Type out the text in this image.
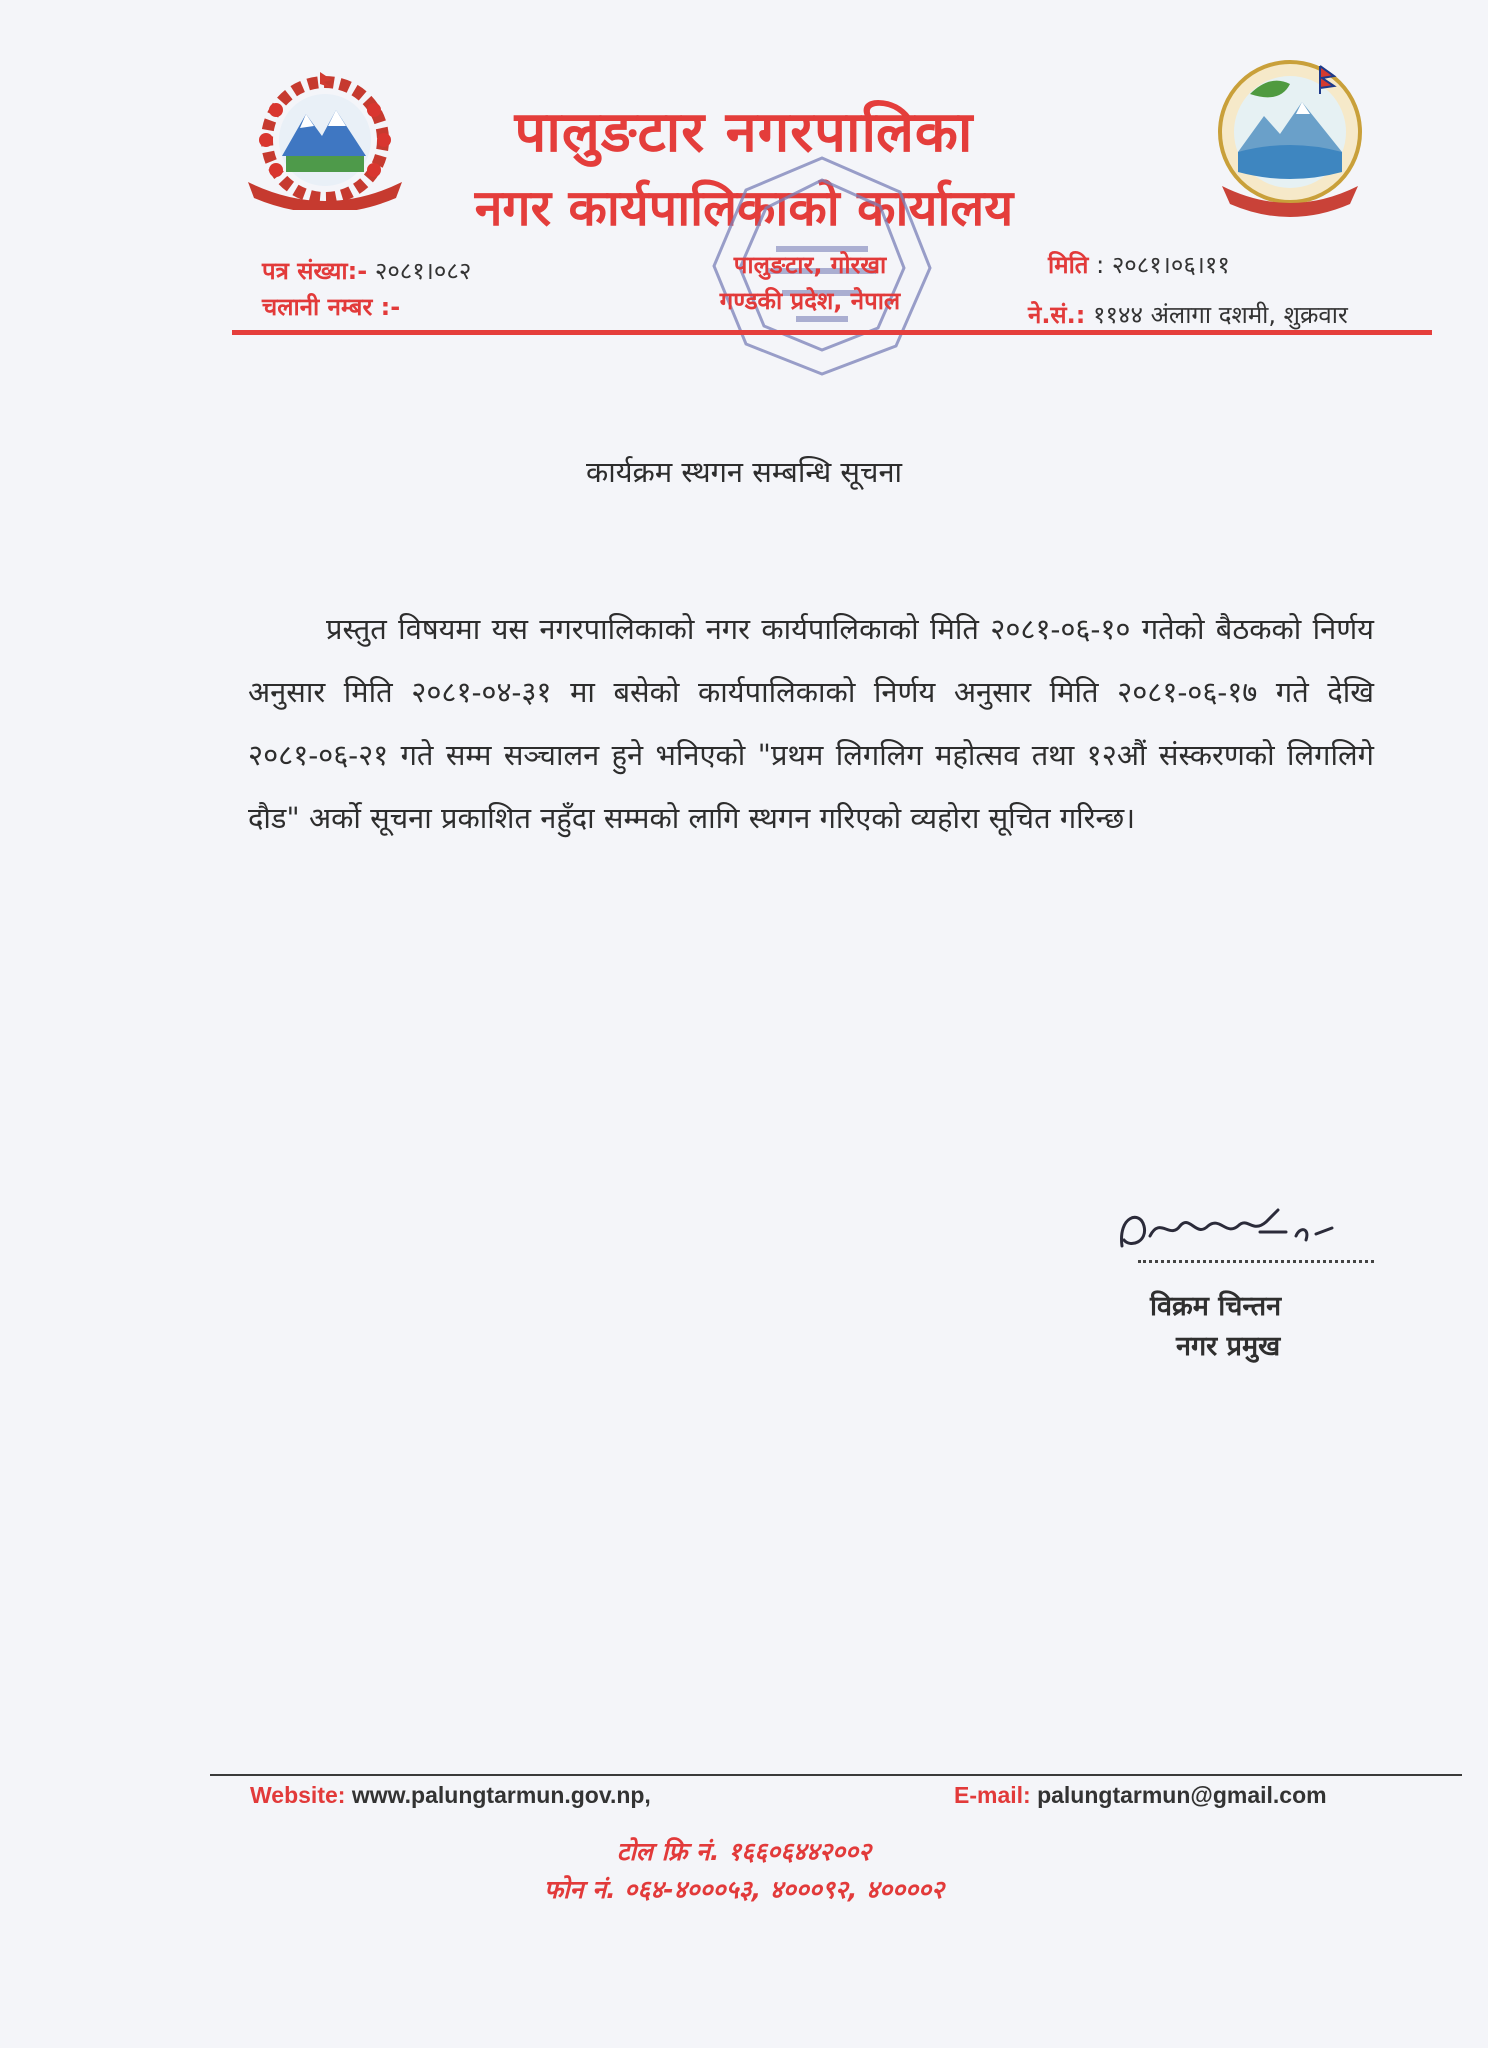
पालुङटार नगरपालिका
नगर कार्यपालिकाको कार्यालय
पत्र संख्या:- २०८१।०८२
चलानी नम्बर :-
पालुङटार, गोरखा
गण्डकी प्रदेश, नेपाल
मिति : २०८१।०६।११
ने.सं.: ११४४ अंलागा दशमी, शुक्रवार
कार्यक्रम स्थगन सम्बन्धि सूचना
प्रस्तुत विषयमा यस नगरपालिकाको नगर कार्यपालिकाको मिति २०८१-०६-१० गतेको बैठकको निर्णय अनुसार मिति २०८१-०४-३१ मा बसेको कार्यपालिकाको निर्णय अनुसार मिति २०८१-०६-१७ गते देखि २०८१-०६-२१ गते सम्म सञ्चालन हुने भनिएको "प्रथम लिगलिग महोत्सव तथा १२औं संस्करणको लिगलिगे दौड" अर्को सूचना प्रकाशित नहुँदा सम्मको लागि स्थगन गरिएको व्यहोरा सूचित गरिन्छ।
विक्रम चिन्तन
नगर प्रमुख
Website: www.palungtarmun.gov.np,	E-mail: palungtarmun@gmail.com
टोल फ्रि नं. १६६०६४४२००२
फोन नं. ०६४-४०००५३, ४०००९२, ४००००२
